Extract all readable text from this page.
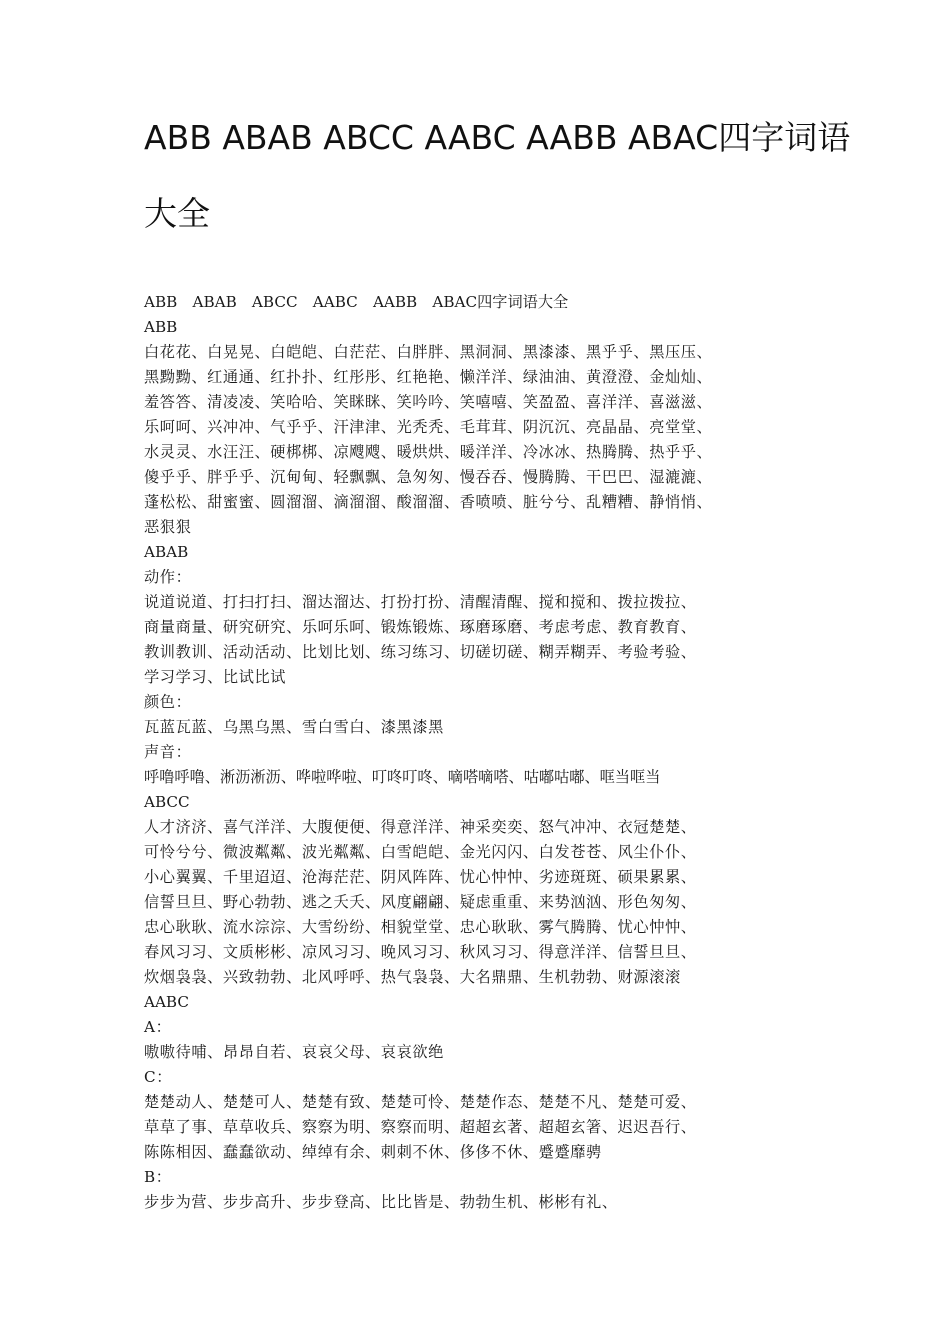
ABB ABAB ABCC AABC AABB ABAC四字词语
大全
ABB　ABAB　ABCC　AABC　AABB　ABAC四字词语大全
ABB
白花花、白晃晃、白皑皑、白茫茫、白胖胖、黑洞洞、黑漆漆、黑乎乎、黑压压、
黑黝黝、红通通、红扑扑、红彤彤、红艳艳、懒洋洋、绿油油、黄澄澄、金灿灿、
羞答答、清凌凌、笑哈哈、笑眯眯、笑吟吟、笑嘻嘻、笑盈盈、喜洋洋、喜滋滋、
乐呵呵、兴冲冲、气乎乎、汗津津、光秃秃、毛茸茸、阴沉沉、亮晶晶、亮堂堂、
水灵灵、水汪汪、硬梆梆、凉飕飕、暖烘烘、暖洋洋、冷冰冰、热腾腾、热乎乎、
傻乎乎、胖乎乎、沉甸甸、轻飘飘、急匆匆、慢吞吞、慢腾腾、干巴巴、湿漉漉、
蓬松松、甜蜜蜜、圆溜溜、滴溜溜、酸溜溜、香喷喷、脏兮兮、乱糟糟、静悄悄、
恶狠狠
ABAB
动作：
说道说道、打扫打扫、溜达溜达、打扮打扮、清醒清醒、搅和搅和、拨拉拨拉、
商量商量、研究研究、乐呵乐呵、锻炼锻炼、琢磨琢磨、考虑考虑、教育教育、
教训教训、活动活动、比划比划、练习练习、切磋切磋、糊弄糊弄、考验考验、
学习学习、比试比试
颜色：
瓦蓝瓦蓝、乌黑乌黑、雪白雪白、漆黑漆黑
声音：
呼噜呼噜、淅沥淅沥、哗啦哗啦、叮咚叮咚、嘀嗒嘀嗒、咕嘟咕嘟、哐当哐当
ABCC
人才济济、喜气洋洋、大腹便便、得意洋洋、神采奕奕、怒气冲冲、衣冠楚楚、
可怜兮兮、微波粼粼、波光粼粼、白雪皑皑、金光闪闪、白发苍苍、风尘仆仆、
小心翼翼、千里迢迢、沧海茫茫、阴风阵阵、忧心忡忡、劣迹斑斑、硕果累累、
信誓旦旦、野心勃勃、逃之夭夭、风度翩翩、疑虑重重、来势汹汹、形色匆匆、
忠心耿耿、流水淙淙、大雪纷纷、相貌堂堂、忠心耿耿、雾气腾腾、忧心忡忡、
春风习习、文质彬彬、凉风习习、晚风习习、秋风习习、得意洋洋、信誓旦旦、
炊烟袅袅、兴致勃勃、北风呼呼、热气袅袅、大名鼎鼎、生机勃勃、财源滚滚
AABC
A：
嗷嗷待哺、昂昂自若、哀哀父母、哀哀欲绝
C：
楚楚动人、楚楚可人、楚楚有致、楚楚可怜、楚楚作态、楚楚不凡、楚楚可爱、
草草了事、草草收兵、察察为明、察察而明、超超玄著、超超玄箸、迟迟吾行、
陈陈相因、蠢蠢欲动、绰绰有余、刺刺不休、侈侈不休、蹙蹙靡骋
B：
步步为营、步步高升、步步登高、比比皆是、勃勃生机、彬彬有礼、
